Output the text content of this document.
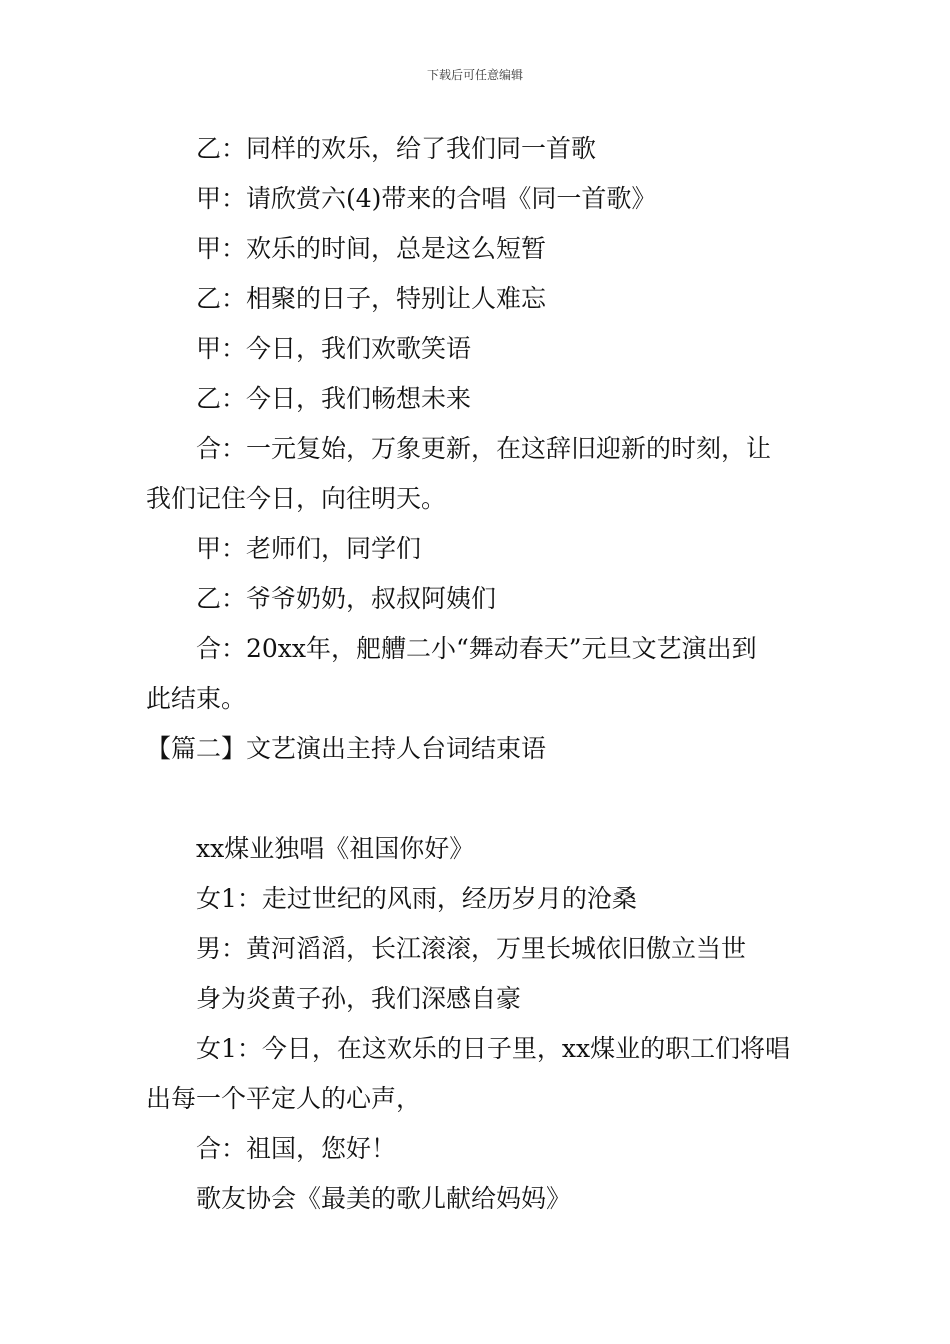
下载后可任意编辑
乙：同样的欢乐，给了我们同一首歌
甲：请欣赏六(4)带来的合唱《同一首歌》
甲：欢乐的时间，总是这么短暂
乙：相聚的日子，特别让人难忘
甲：今日，我们欢歌笑语
乙：今日，我们畅想未来
合：一元复始，万象更新，在这辞旧迎新的时刻，让
我们记住今日，向往明天。
甲：老师们，同学们
乙：爷爷奶奶，叔叔阿姨们
合：20xx年，舥艚二小“舞动春天”元旦文艺演出到
此结束。
【篇二】文艺演出主持人台词结束语
xx煤业独唱《祖国你好》
女1：走过世纪的风雨，经历岁月的沧桑
男：黄河滔滔，长江滚滚，万里长城依旧傲立当世
身为炎黄子孙，我们深感自豪
女1：今日，在这欢乐的日子里，xx煤业的职工们将唱
出每一个平定人的心声，
合：祖国，您好！
歌友协会《最美的歌儿献给妈妈》
